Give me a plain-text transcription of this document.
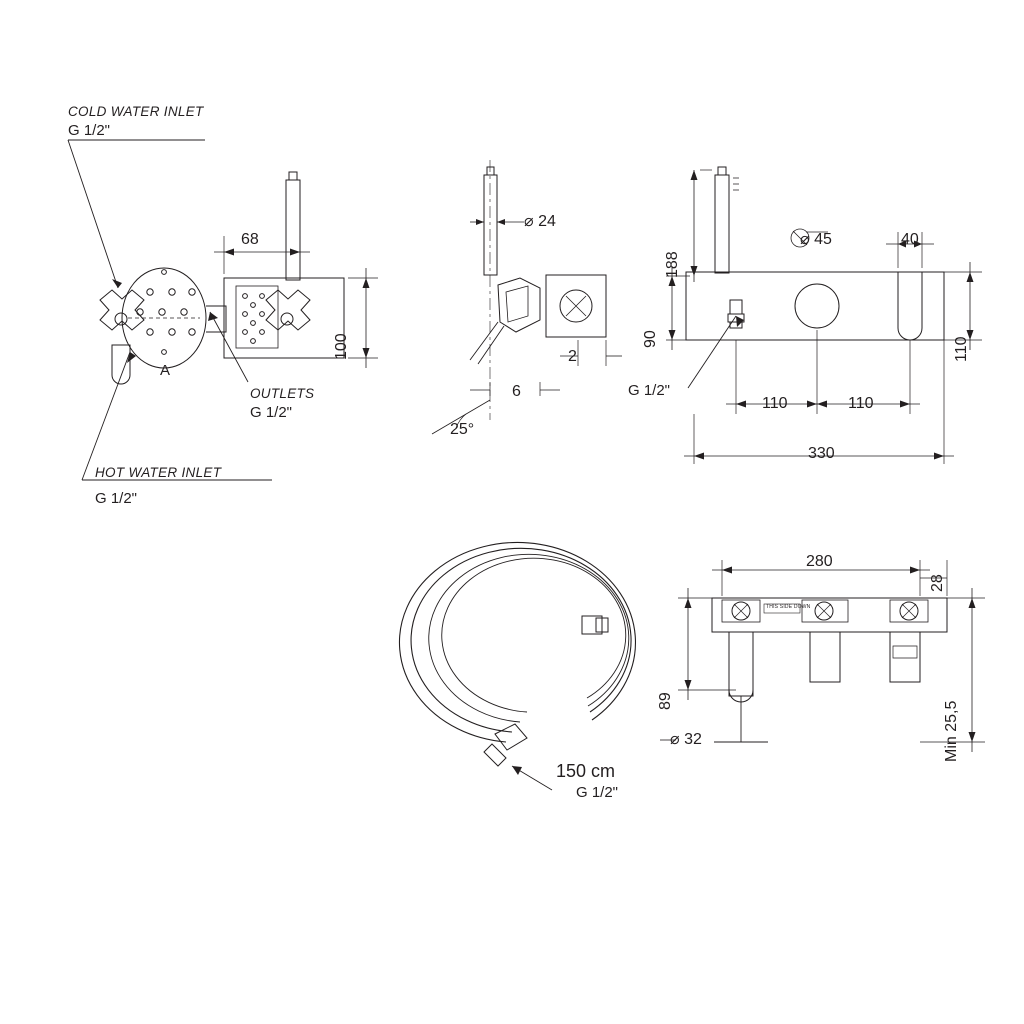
COLD WATER INLET
G 1/2"
HOT WATER INLET
G 1/2"
OUTLETS
G 1/2"
A
68
100
⌀ 24
2
6
25°
188
90
⌀ 45	40
110
110	110
330
G 1/2"
150 cm
G 1/2"
280
28
89
⌀ 32	Min 25,5
THIS SIDE DOWN
